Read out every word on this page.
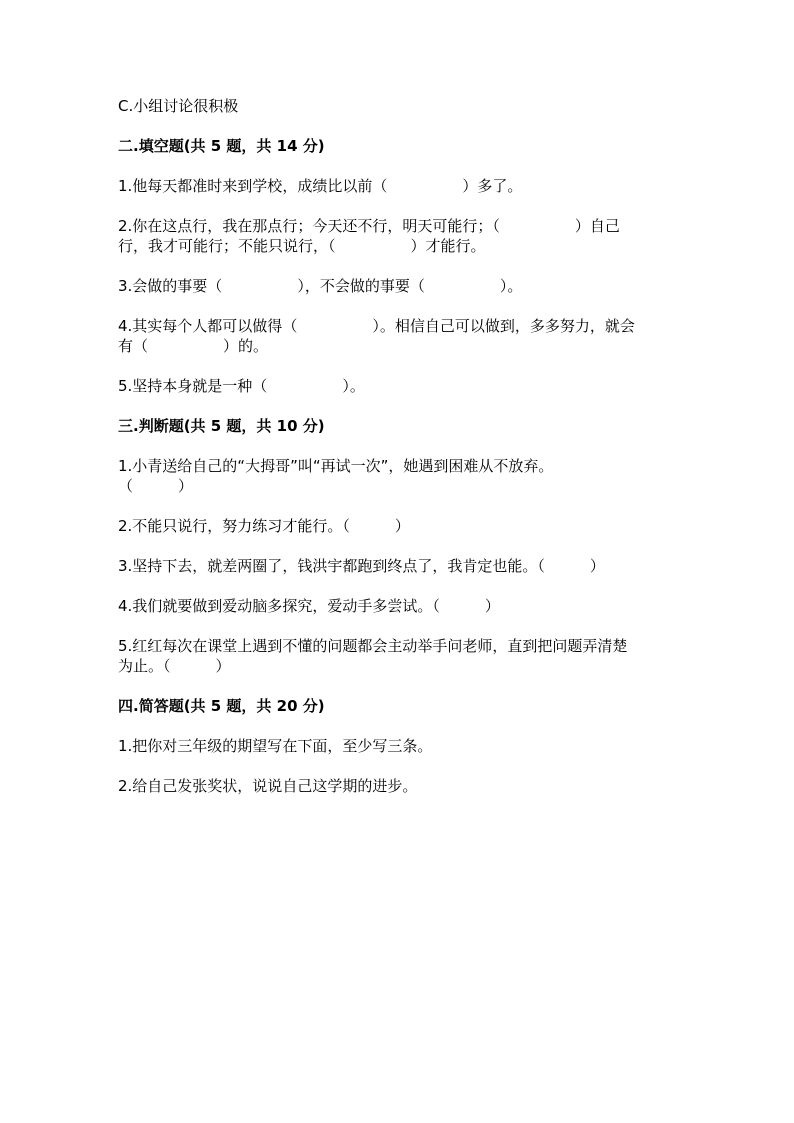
C.小组讨论很积极
二.填空题(共 5 题，共 14 分)
1.他每天都准时来到学校，成绩比以前（　　　　　）多了。
2.你在这点行，我在那点行；今天还不行，明天可能行；（　　　　　）自己
行，我才可能行；不能只说行，（　　　　　）才能行。
3.会做的事要（　　　　　），不会做的事要（　　　　　）。
4.其实每个人都可以做得（　　　　　）。相信自己可以做到，多多努力，就会
有（　　　　　）的。
5.坚持本身就是一种（　　　　　）。
三.判断题(共 5 题，共 10 分)
1.小青送给自己的“大拇哥”叫“再试一次”，她遇到困难从不放弃。
（　　　）
2.不能只说行，努力练习才能行。（　　　）
3.坚持下去，就差两圈了，钱洪宇都跑到终点了，我肯定也能。（　　　）
4.我们就要做到爱动脑多探究，爱动手多尝试。（　　　）
5.红红每次在课堂上遇到不懂的问题都会主动举手问老师，直到把问题弄清楚
为止。（　　　）
四.简答题(共 5 题，共 20 分)
1.把你对三年级的期望写在下面，至少写三条。
2.给自己发张奖状，说说自己这学期的进步。
